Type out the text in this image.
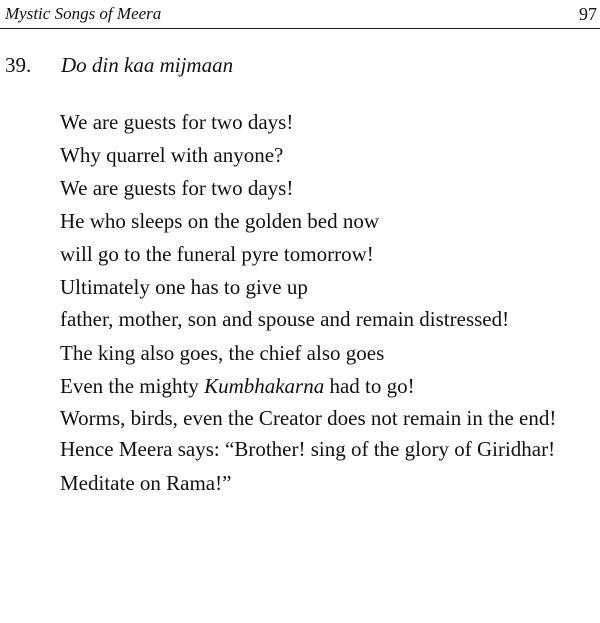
Mystic Songs of Meera	97
39. Do din kaa mijmaan

We are guests for two days!

Why quarrel with anyone?

We are guests for two days!

He who sleeps on the golden bed now

will go to the funeral pyre tomorrow!

Ultimately one has to give up

father, mother, son and spouse and remain distressed!

The king also goes, the chief also goes

Even the mighty Kumbhakarna had to go!

Worms, birds, even the Creator does not remain in the end!

Hence Meera says: “Brother! sing of the glory of Giridhar!

Meditate on Rama!”
